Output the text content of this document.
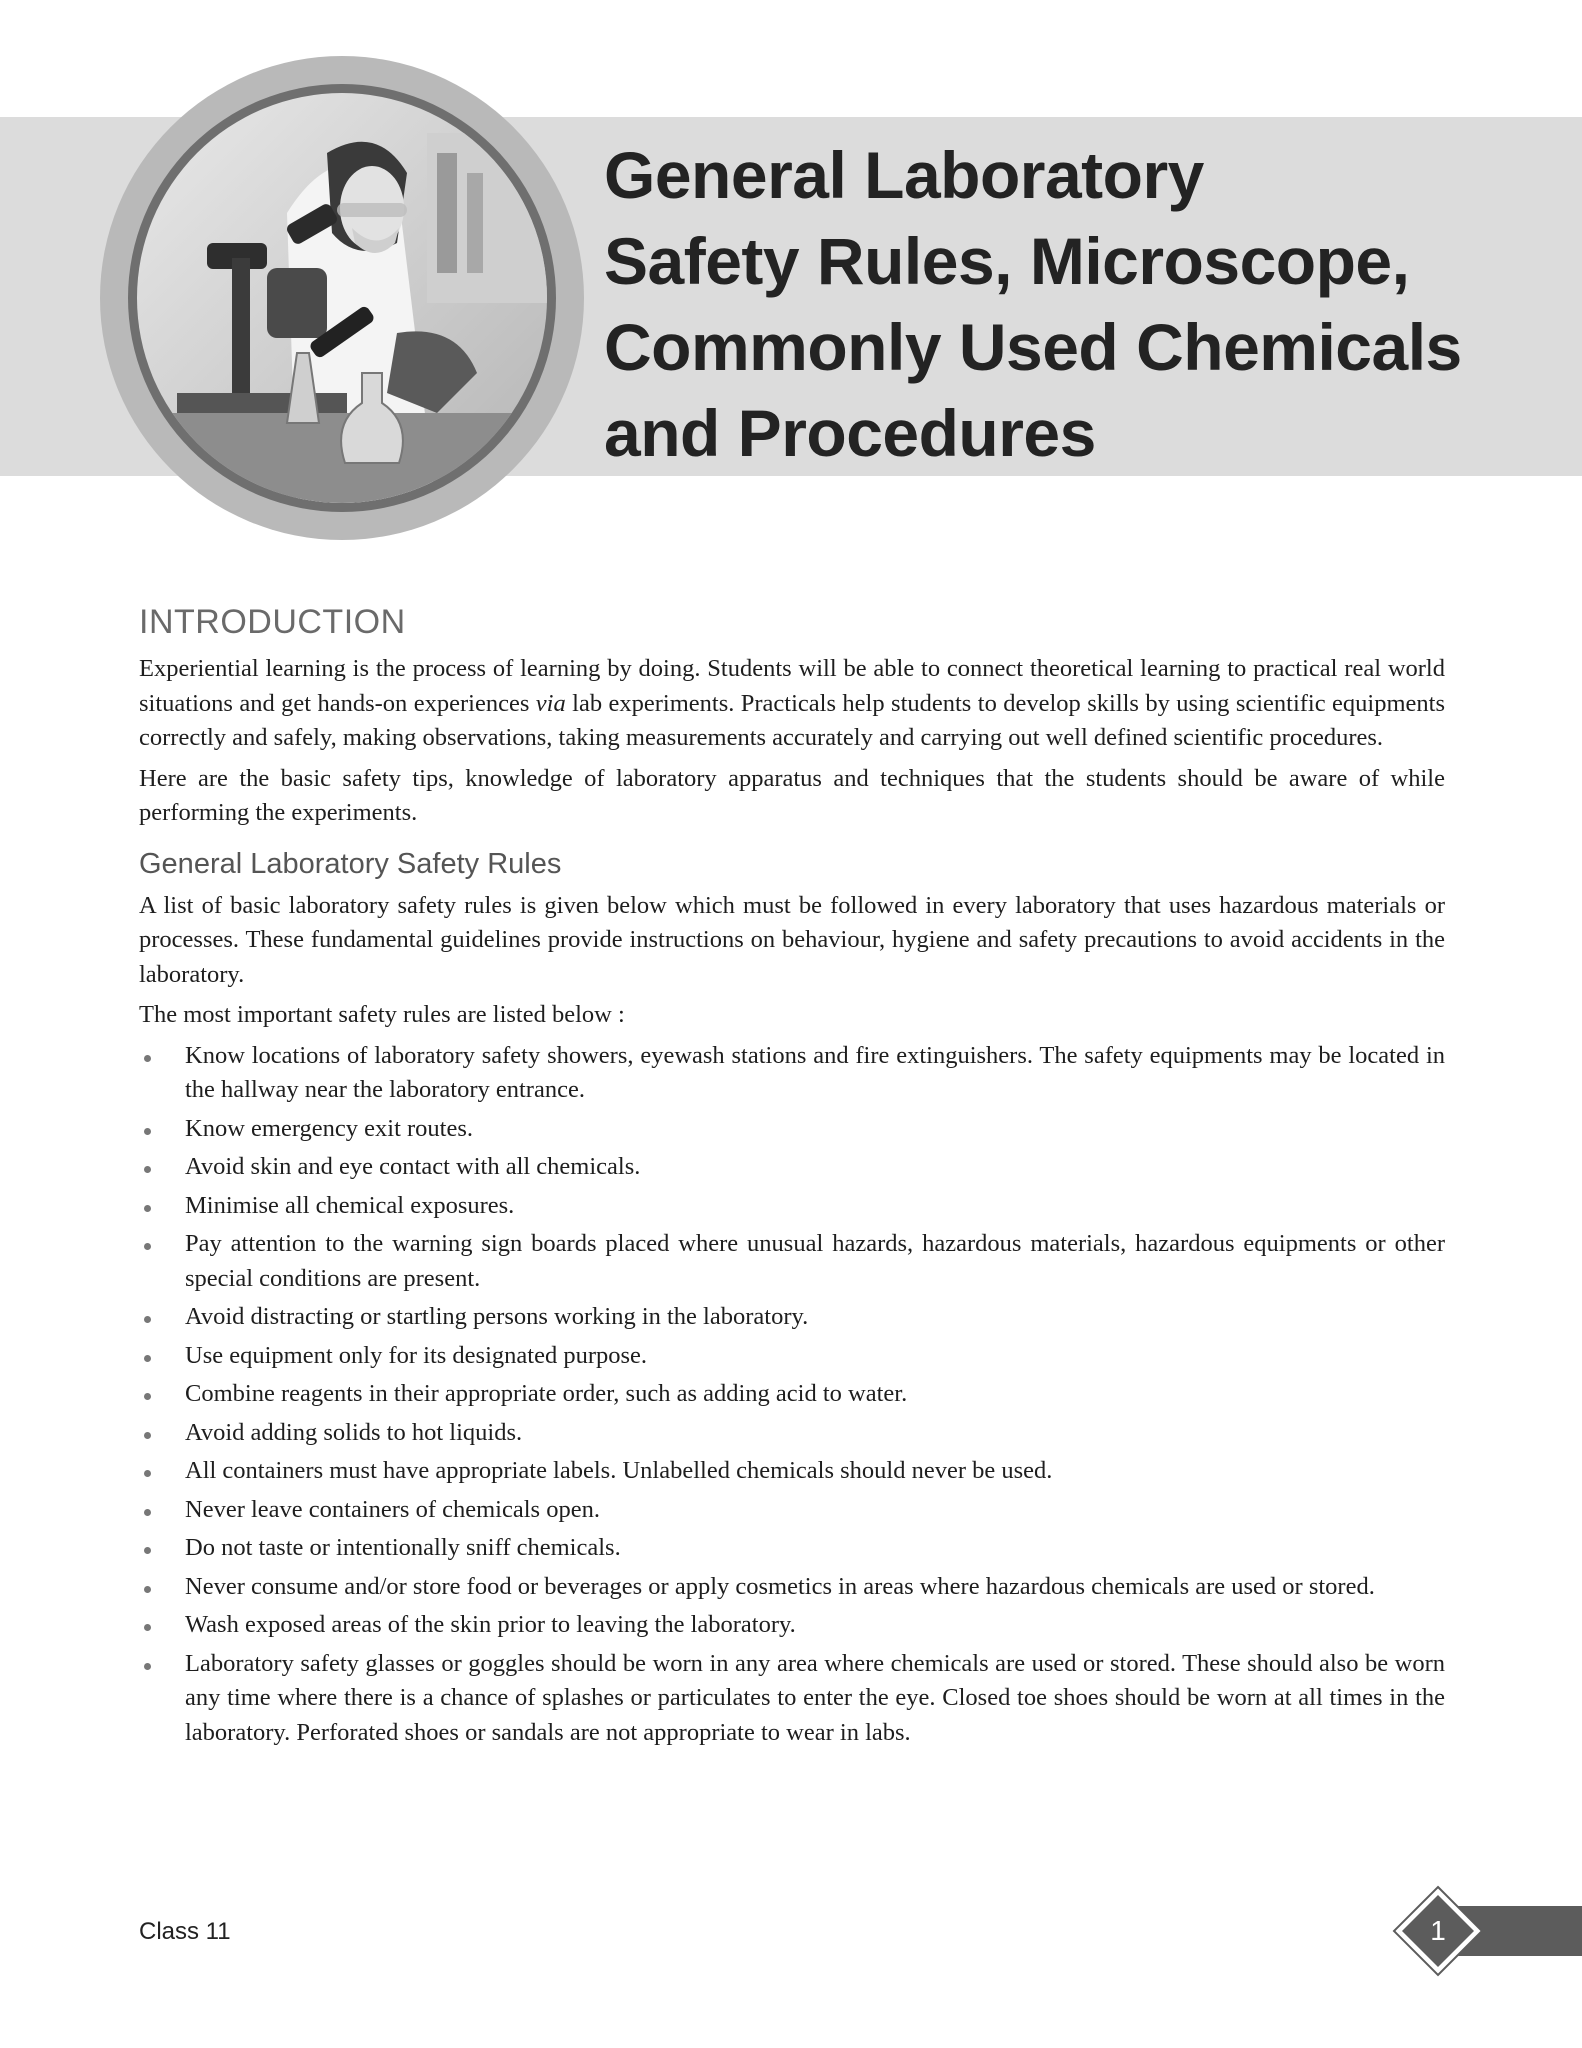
General Laboratory
Safety Rules, Microscope,
Commonly Used Chemicals
and Procedures
INTRODUCTION

Experiential learning is the process of learning by doing. Students will be able to connect theoretical learning to practical real world situations and get hands-on experiences via lab experiments. Practicals help students to develop skills by using scientific equipments correctly and safely, making observations, taking measurements accurately and carrying out well defined scientific procedures.

Here are the basic safety tips, knowledge of laboratory apparatus and techniques that the students should be aware of while performing the experiments.

General Laboratory Safety Rules

A list of basic laboratory safety rules is given below which must be followed in every laboratory that uses hazardous materials or processes. These fundamental guidelines provide instructions on behaviour, hygiene and safety precautions to avoid accidents in the laboratory.

The most important safety rules are listed below :

Know locations of laboratory safety showers, eyewash stations and fire extinguishers. The safety equipments may be located in the hallway near the laboratory entrance.
Know emergency exit routes.
Avoid skin and eye contact with all chemicals.
Minimise all chemical exposures.
Pay attention to the warning sign boards placed where unusual hazards, hazardous materials, hazardous equipments or other special conditions are present.
Avoid distracting or startling persons working in the laboratory.
Use equipment only for its designated purpose.
Combine reagents in their appropriate order, such as adding acid to water.
Avoid adding solids to hot liquids.
All containers must have appropriate labels. Unlabelled chemicals should never be used.
Never leave containers of chemicals open.
Do not taste or intentionally sniff chemicals.
Never consume and/or store food or beverages or apply cosmetics in areas where hazardous chemicals are used or stored.
Wash exposed areas of the skin prior to leaving the laboratory.
Laboratory safety glasses or goggles should be worn in any area where chemicals are used or stored. These should also be worn any time where there is a chance of splashes or particulates to enter the eye. Closed toe shoes should be worn at all times in the laboratory. Perforated shoes or sandals are not appropriate to wear in labs.
Class 11	1
